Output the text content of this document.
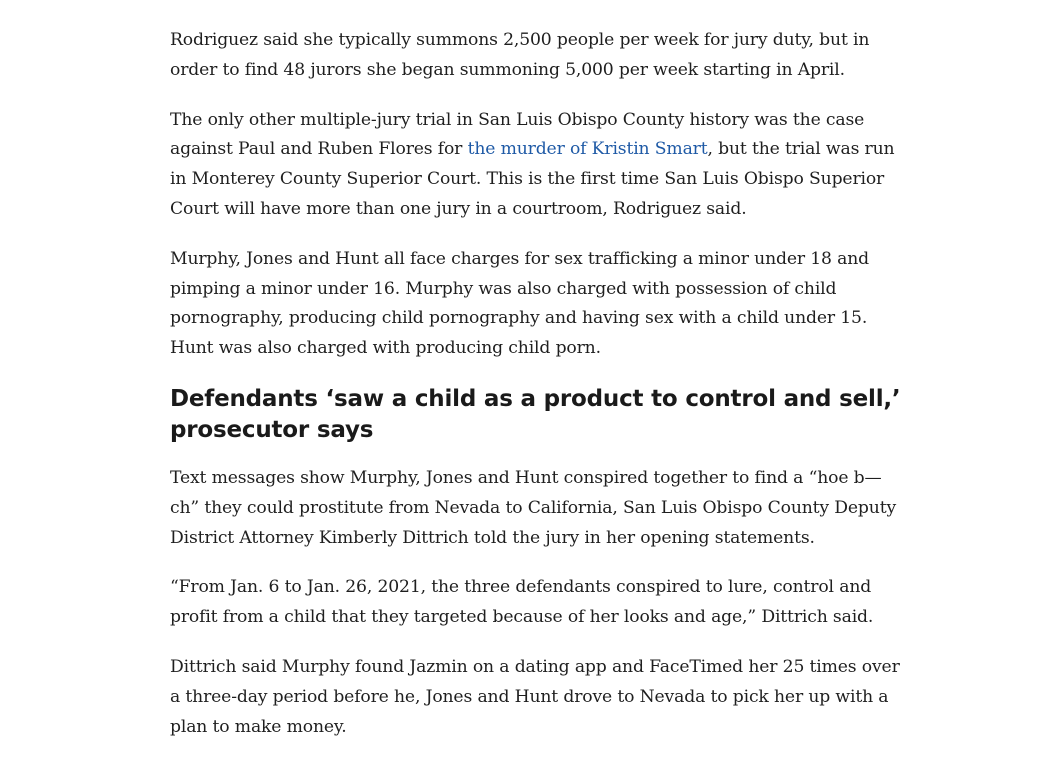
Rodriguez said she typically summons 2,500 people per week for jury duty, but in order to find 48 jurors she began summoning 5,000 per week starting in April.

The only other multiple-jury trial in San Luis Obispo County history was the case against Paul and Ruben Flores for the murder of Kristin Smart, but the trial was run in Monterey County Superior Court. This is the first time San Luis Obispo Superior Court will have more than one jury in a courtroom, Rodriguez said.

Murphy, Jones and Hunt all face charges for sex trafficking a minor under 18 and pimping a minor under 16. Murphy was also charged with possession of child pornography, producing child pornography and having sex with a child under 15. Hunt was also charged with producing child porn.

Defendants ‘saw a child as a product to control and sell,’ prosecutor says

Text messages show Murphy, Jones and Hunt conspired together to find a “hoe b—ch” they could prostitute from Nevada to California, San Luis Obispo County Deputy District Attorney Kimberly Dittrich told the jury in her opening statements.

“From Jan. 6 to Jan. 26, 2021, the three defendants conspired to lure, control and profit from a child that they targeted because of her looks and age,” Dittrich said.

Dittrich said Murphy found Jazmin on a dating app and FaceTimed her 25 times over a three-day period before he, Jones and Hunt drove to Nevada to pick her up with a plan to make money.
